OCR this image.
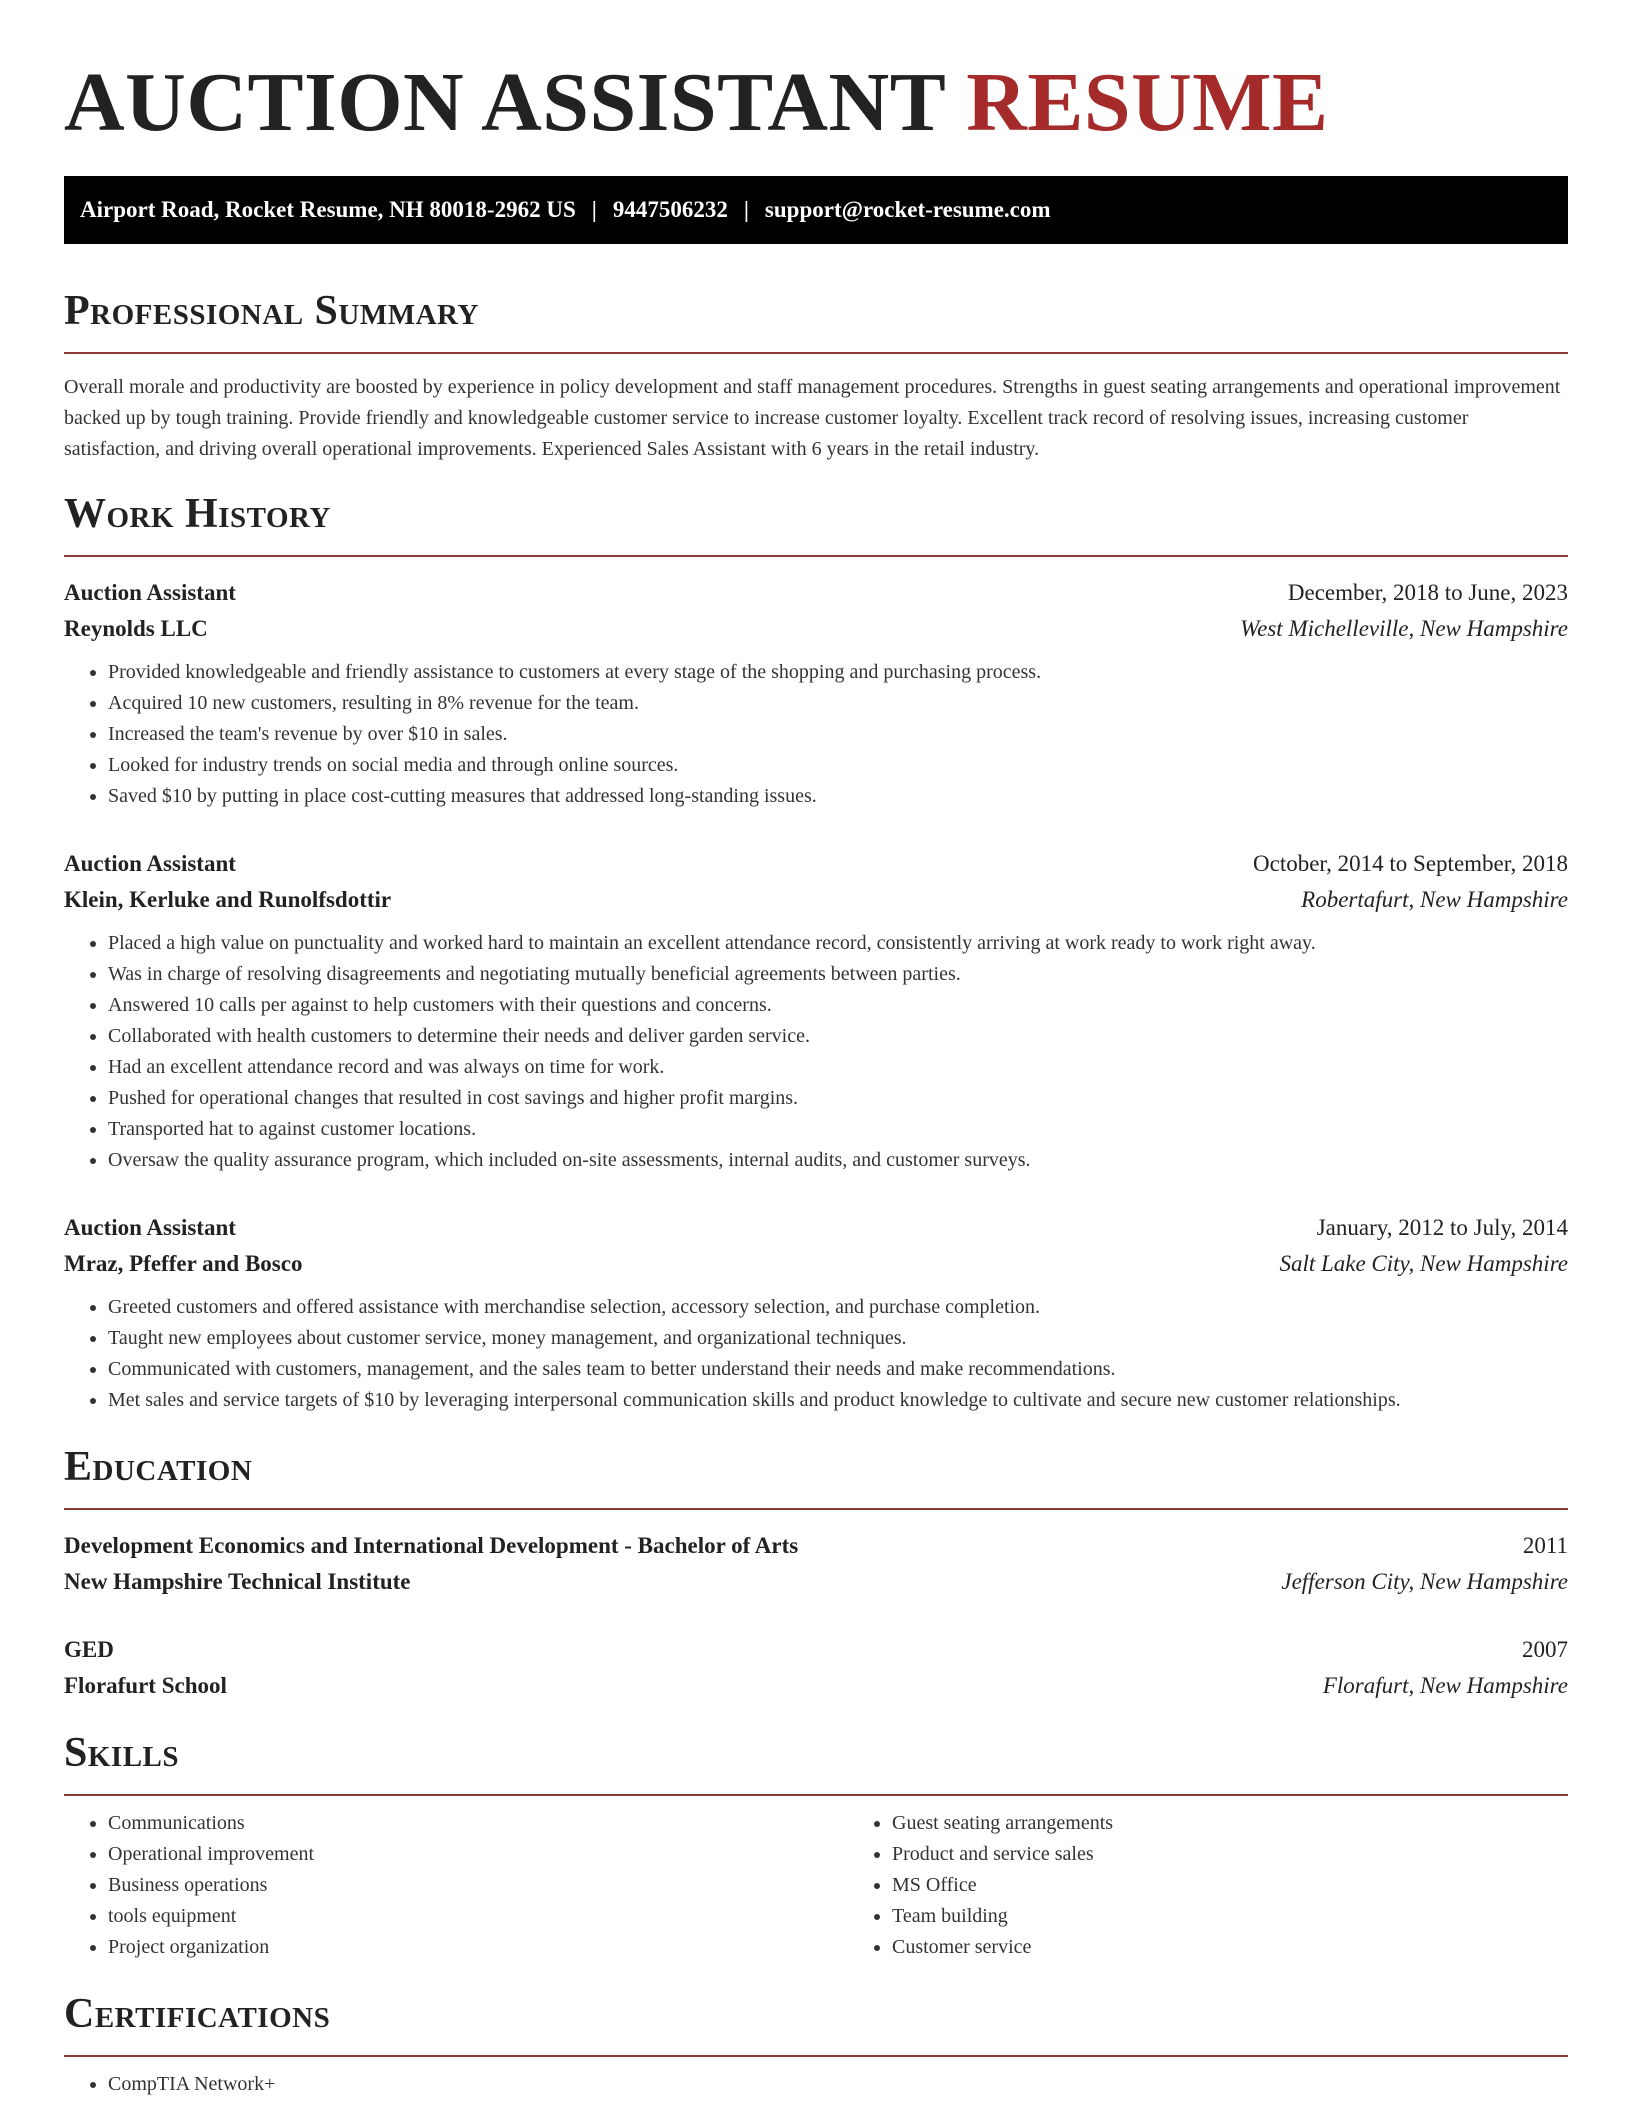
AUCTION ASSISTANT RESUME
Airport Road, Rocket Resume, NH 80018-2962 US | 9447506232 | support@rocket-resume.com
Professional Summary

Overall morale and productivity are boosted by experience in policy development and staff management procedures. Strengths in guest seating arrangements and operational improvement backed up by tough training. Provide friendly and knowledgeable customer service to increase customer loyalty. Excellent track record of resolving issues, increasing customer satisfaction, and driving overall operational improvements. Experienced Sales Assistant with 6 years in the retail industry.

Work History
Auction Assistant	December, 2018 to June, 2023
Reynolds LLC	West Michelleville, New Hampshire
• Provided knowledgeable and friendly assistance to customers at every stage of the shopping and purchasing process.
• Acquired 10 new customers, resulting in 8% revenue for the team.
• Increased the team's revenue by over $10 in sales.
• Looked for industry trends on social media and through online sources.
• Saved $10 by putting in place cost-cutting measures that addressed long-standing issues.
Auction Assistant	October, 2014 to September, 2018
Klein, Kerluke and Runolfsdottir	Robertafurt, New Hampshire
• Placed a high value on punctuality and worked hard to maintain an excellent attendance record, consistently arriving at work ready to work right away.
• Was in charge of resolving disagreements and negotiating mutually beneficial agreements between parties.
• Answered 10 calls per against to help customers with their questions and concerns.
• Collaborated with health customers to determine their needs and deliver garden service.
• Had an excellent attendance record and was always on time for work.
• Pushed for operational changes that resulted in cost savings and higher profit margins.
• Transported hat to against customer locations.
• Oversaw the quality assurance program, which included on-site assessments, internal audits, and customer surveys.
Auction Assistant	January, 2012 to July, 2014
Mraz, Pfeffer and Bosco	Salt Lake City, New Hampshire
• Greeted customers and offered assistance with merchandise selection, accessory selection, and purchase completion.
• Taught new employees about customer service, money management, and organizational techniques.
• Communicated with customers, management, and the sales team to better understand their needs and make recommendations.
• Met sales and service targets of $10 by leveraging interpersonal communication skills and product knowledge to cultivate and secure new customer relationships.
Education
Development Economics and International Development - Bachelor of Arts	2011
New Hampshire Technical Institute	Jefferson City, New Hampshire
GED	2007
Florafurt School	Florafurt, New Hampshire
Skills
• Communications
• Operational improvement
• Business operations
• tools equipment
• Project organization
• Guest seating arrangements
• Product and service sales
• MS Office
• Team building
• Customer service
Certifications
• CompTIA Network+
